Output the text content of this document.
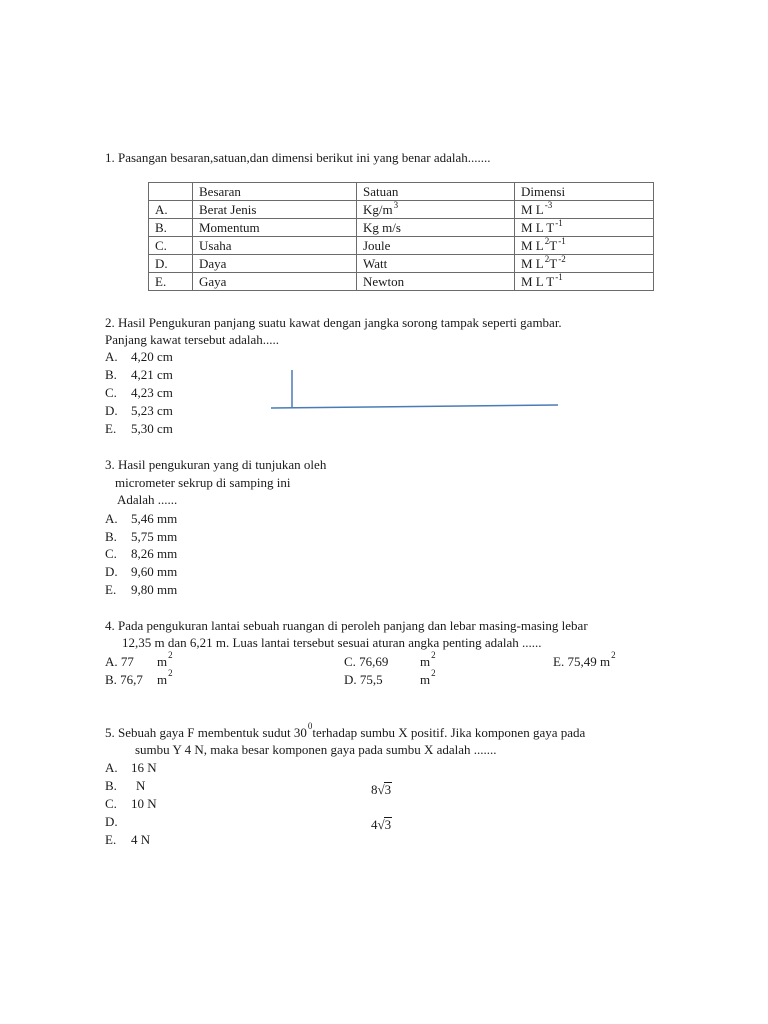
1. Pasangan besaran,satuan,dan dimensi berikut ini yang benar adalah.......
	Besaran	Satuan	Dimensi
A.	Berat Jenis	$Kg/m^3$	M $L^{-3}$
B.	Momentum	Kg m/s	M L $T^{-1}$
C.	Usaha	Joule	M $L^2T^{-1}$
D.	Daya	Watt	M $L^2T^{-2}$
E.	Gaya	Newton	M L $T^{-1}$
2. Hasil Pengukuran panjang suatu kawat dengan jangka sorong tampak seperti gambar.
Panjang kawat tersebut adalah.....
A. 4,20 cm
B. 4,21 cm
C. 4,23 cm
D. 5,23 cm
E. 5,30 cm
3. Hasil pengukuran yang di tunjukan oleh
micrometer sekrup di samping ini
Adalah ......
A. 5,46 mm
B. 5,75 mm
C. 8,26 mm
D. 9,60 mm
E. 9,80 mm
4. Pada pengukuran lantai sebuah ruangan di peroleh panjang dan lebar masing-masing lebar
12,35 m dan 6,21 m. Luas lantai tersebut sesuai aturan angka penting adalah ......
A. 77 $m^2$
B. 76,7 $m^2$
C. 76,69 $m^2$
D. 75,5	$m^2$
E. 75,49 $m^2$
5. Sebuah gaya F membentuk sudut $30^0terhadap$ sumbu X positif. Jika komponen gaya pada
sumbu Y 4 N, maka besar komponen gaya pada sumbu X adalah .......
A. 16 N
B. N
C. 10 N
D.
E. 4 N
8√3
4√3
